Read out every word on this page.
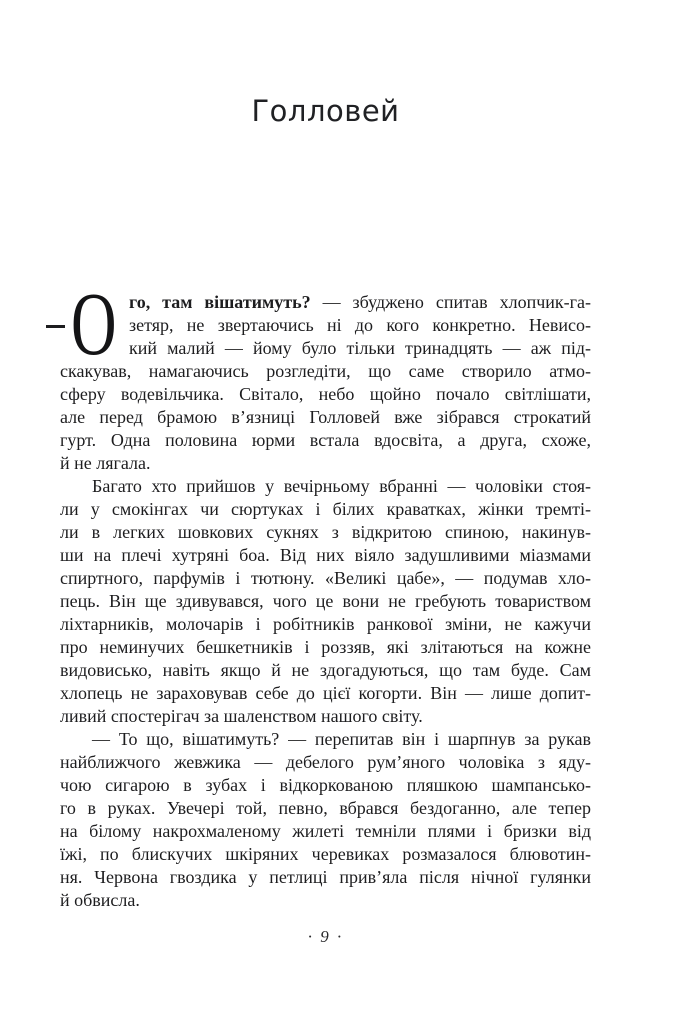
Голловей
О го, там вішатимуть? — збуджено спитав хлопчик-га-
зетяр, не звертаючись ні до кого конкретно. Невисо-
кий малий — йому було тільки тринадцять — аж під-
скакував, намагаючись розгледіти, що саме створило атмо-
сферу водевільчика. Світало, небо щойно почало світлішати,
але перед брамою в’язниці Голловей вже зібрався строкатий
гурт. Одна половина юрми встала вдосвіта, а друга, схоже,
й не лягала.
Багато хто прийшов у вечірньому вбранні — чоловіки стоя-
ли у смокінгах чи сюртуках і білих краватках, жінки тремті-
ли в легких шовкових сукнях з відкритою спиною, накинув-
ши на плечі хутряні боа. Від них віяло задушливими міазмами
спиртного, парфумів і тютюну. «Великі цабе», — подумав хло-
пець. Він ще здивувався, чого це вони не гребують товариством
ліхтарників, молочарів і робітників ранкової зміни, не кажучи
про неминучих бешкетників і роззяв, які злітаються на кожне
видовисько, навіть якщо й не здогадуються, що там буде. Сам
хлопець не зараховував себе до цієї когорти. Він — лише допит-
ливий спостерігач за шаленством нашого світу.
— То що, вішатимуть? — перепитав він і шарпнув за рукав
найближчого жевжика — дебелого рум’яного чоловіка з яду-
чою сигарою в зубах і відкоркованою пляшкою шампансько-
го в руках. Увечері той, певно, вбрався бездоганно, але тепер
на білому накрохмаленому жилеті темніли плями і бризки від
їжі, по блискучих шкіряних черевиках розмазалося блювотин-
ня. Червона гвоздика у петлиці прив’яла після нічної гулянки
й обвисла.
· 9 ·
